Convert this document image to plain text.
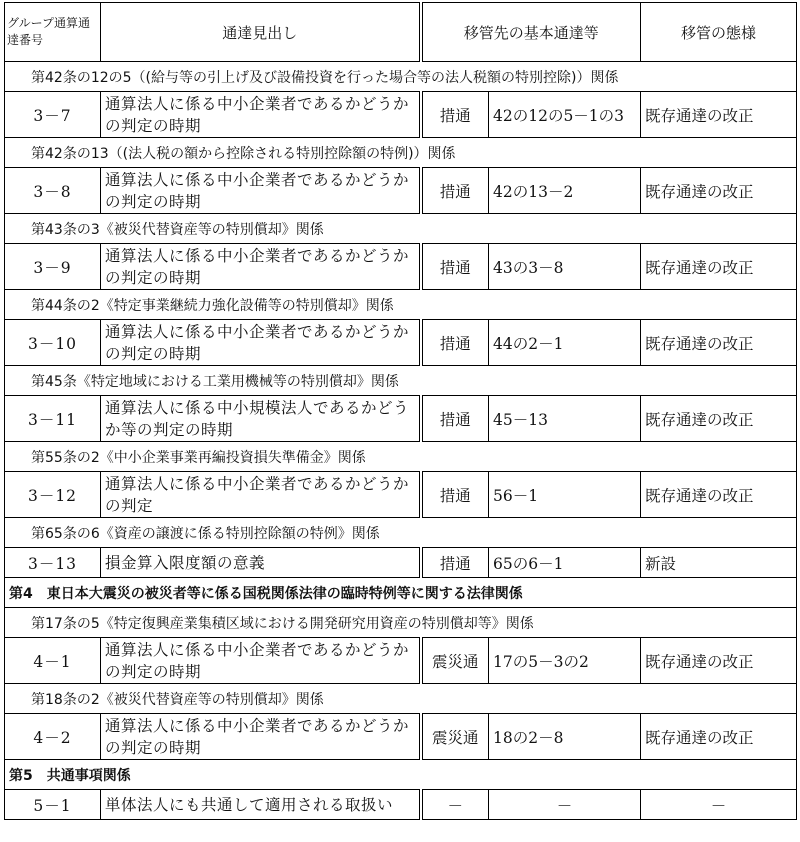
グループ通算通達番号	通達見出し	移管先の基本通達等		移管の態様
第42条の12の5（(給与等の引上げ及び設備投資を行った場合等の法人税額の特別控除)）関係				
3－7	通算法人に係る中小企業者であるかどうかの判定の時期	措通	42の12の5－1の3	既存通達の改正
第42条の13（(法人税の額から控除される特別控除額の特例)）関係				
3－8	通算法人に係る中小企業者であるかどうかの判定の時期	措通	42の13－2	既存通達の改正
第43条の3《被災代替資産等の特別償却》関係				
3－9	通算法人に係る中小企業者であるかどうかの判定の時期	措通	43の3－8	既存通達の改正
第44条の2《特定事業継続力強化設備等の特別償却》関係				
3－10	通算法人に係る中小企業者であるかどうかの判定の時期	措通	44の2－1	既存通達の改正
第45条《特定地域における工業用機械等の特別償却》関係				
3－11	通算法人に係る中小規模法人であるかどうか等の判定の時期	措通	45－13	既存通達の改正
第55条の2《中小企業事業再編投資損失準備金》関係				
3－12	通算法人に係る中小企業者であるかどうかの判定	措通	56－1	既存通達の改正
第65条の6《資産の譲渡に係る特別控除額の特例》関係				
3－13	損金算入限度額の意義	措通	65の6－1	新設
第4　東日本大震災の被災者等に係る国税関係法律の臨時特例等に関する法律関係				
第17条の5《特定復興産業集積区域における開発研究用資産の特別償却等》関係				
4－1	通算法人に係る中小企業者であるかどうかの判定の時期	震災通	17の5－3の2	既存通達の改正
第18条の2《被災代替資産等の特別償却》関係				
4－2	通算法人に係る中小企業者であるかどうかの判定の時期	震災通	18の2－8	既存通達の改正
第5　共通事項関係				
5－1	単体法人にも共通して適用される取扱い	－	－	－
